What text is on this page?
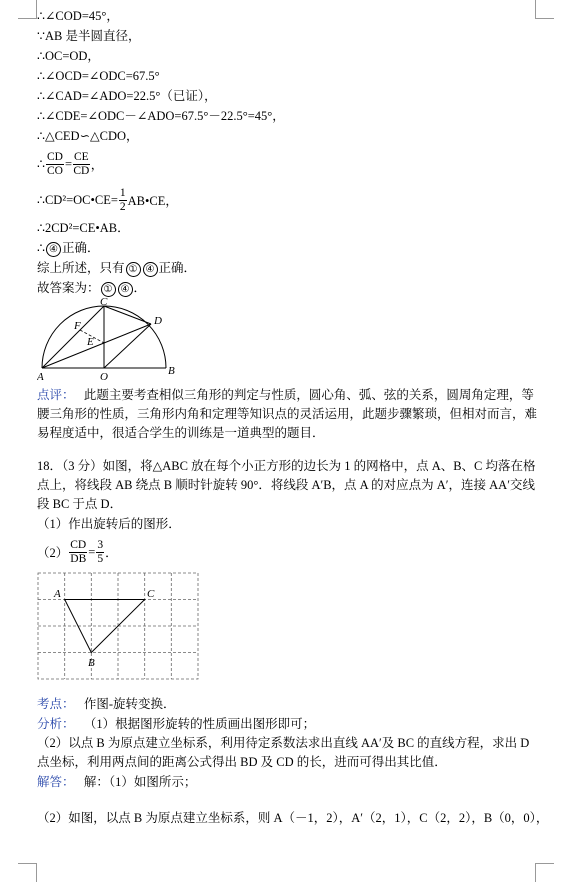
∴∠COD=45°，
∵AB 是半圆直径，
∴OC=OD，
∴∠OCD=∠ODC=67.5°
∴∠CAD=∠ADO=22.5°（已证），
∴∠CDE=∠ODC－∠ADO=67.5°－22.5°=45°，
∴△CED∽△CDO，
∴ $\frac{CD}{CO} = \frac{CE}{CD}$ ，
∴CD²=OC•CE= $\frac{1}{2}$ AB•CE，
∴2CD²=CE•AB．
∴ ④ 正确．
综上所述，只有 ① ④ 正确．
故答案为： ① ④ ．
C
D
F
E
A	O	B
点评： 此题主要考查相似三角形的判定与性质，圆心角、弧、弦的关系，圆周角定理，等腰三角形的性质，三角形内角和定理等知识点的灵活运用，此题步骤繁琐，但相对而言，难易程度适中，很适合学生的训练是一道典型的题目．
18．（3 分）如图，将△ABC 放在每个小正方形的边长为 1 的网格中，点 A、B、C 均落在格点上，将线段 AB 绕点 B 顺时针旋转 90°．将线段 A′B，点 A 的对应点为 A′，连接 AA′交线段 BC 于点 D．
（1）作出旋转后的图形．
$(2) \frac{CD}{DB} = \frac{3}{5}$ ．
A	C
B
考点： 作图-旋转变换．
分析： （1）根据图形旋转的性质画出图形即可；
（2）以点 B 为原点建立坐标系，利用待定系数法求出直线 AA′及 BC 的直线方程，求出 D 点坐标，利用两点间的距离公式得出 BD 及 CD 的长，进而可得出其比值．
解答： 解：（1）如图所示；
（2）如图，以点 B 为原点建立坐标系，则 A（－1，2），A′（2，1），C（2，2），B（0，0），
